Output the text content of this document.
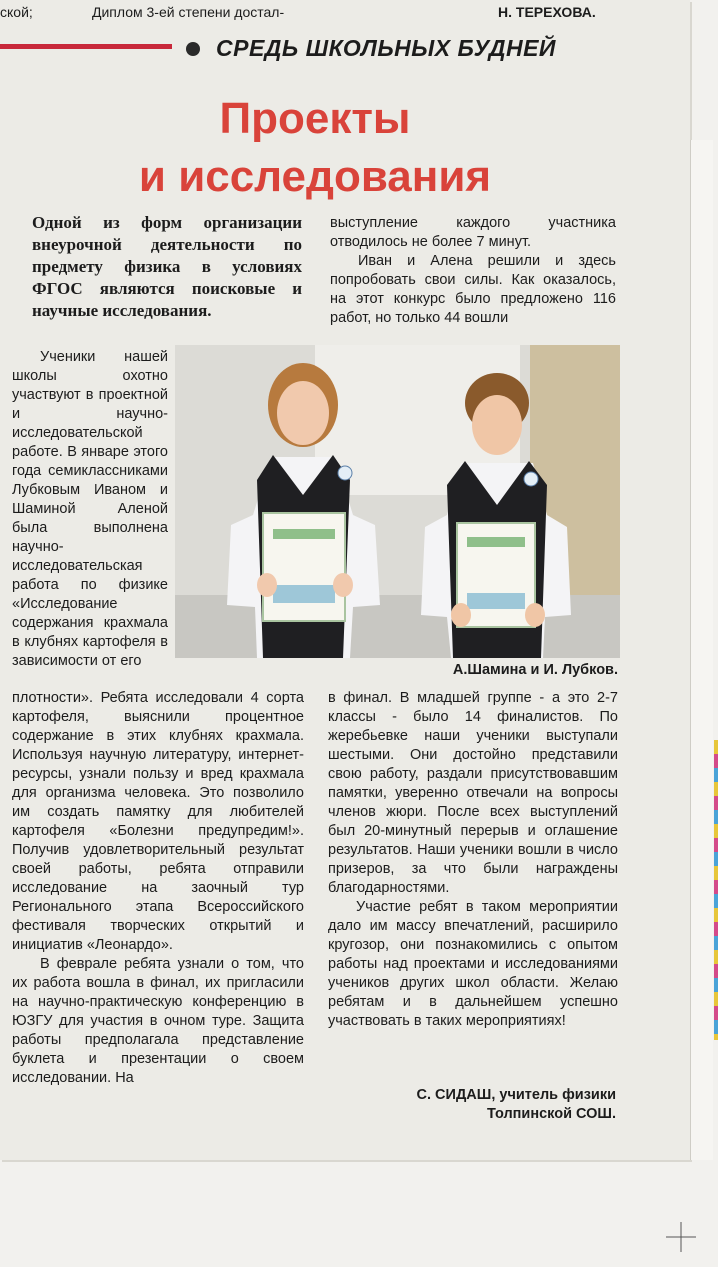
ской;	Диплом 3-ей степени достал-	Н. ТЕРЕХОВА.
СРЕДЬ ШКОЛЬНЫХ БУДНЕЙ
Проекты
и исследования
Одной из форм организации внеурочной деятельности по предмету физика в условиях ФГОС являются поисковые и научные исследования.

выступление каждого участника отводилось не более 7 минут.

Иван и Алена решили и здесь попробовать свои силы. Как оказалось, на этот конкурс было предложено 116 работ, но только 44 вошли

Ученики нашей школы охотно участвуют в проектной и научно-исследовательской работе. В январе этого года семиклассниками Лубковым Иваном и Шаминой Аленой была выполнена научно-исследовательская работа по физике «Исследование содержания крахмала в клубнях картофеля в зависимости от его

А.Шамина и И. Лубков.

плотности». Ребята исследовали 4 сорта картофеля, выяснили процентное содержание в этих клубнях крахмала. Используя научную литературу, интернет-ресурсы, узнали пользу и вред крахмала для организма человека. Это позволило им создать памятку для любителей картофеля «Болезни предупредим!». Получив удовлетворительный результат своей работы, ребята отправили исследование на заочный тур Регионального этапа Всероссийского фестиваля творческих открытий и инициатив «Леонардо».

В феврале ребята узнали о том, что их работа вошла в финал, их пригласили на научно-практическую конференцию в ЮЗГУ для участия в очном туре. Защита работы предполагала представление буклета и презентации о своем исследовании. На

в финал. В младшей группе - а это 2-7 классы - было 14 финалистов. По жеребьевке наши ученики выступали шестыми. Они достойно представили свою работу, раздали присутствовавшим памятки, уверенно отвечали на вопросы членов жюри. После всех выступлений был 20-минутный перерыв и оглашение результатов. Наши ученики вошли в число призеров, за что были награждены благодарностями.

Участие ребят в таком мероприятии дало им массу впечатлений, расширило кругозор, они познакомились с опытом работы над проектами и исследованиями учеников других школ области. Желаю ребятам и в дальнейшем успешно участвовать в таких мероприятиях!

С. СИДАШ, учитель физики
Толпинской СОШ.
